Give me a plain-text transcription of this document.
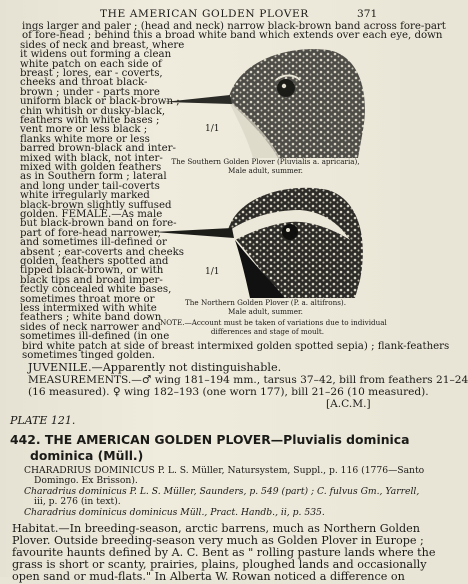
THE AMERICAN GOLDEN PLOVER	371
ings larger and paler ; (head and neck) narrow black-brown band across fore-part
of fore-head ; behind this a broad white band which extends over each eye, down
sides of neck and breast, where
it widens out forming a clean
white patch on each side of
breast ; lores, ear - coverts,
cheeks and throat black-
brown ; under - parts more
uniform black or black-brown ;
chin whitish or dusky-black,
feathers with white bases ;
vent more or less black ;
flanks white more or less
barred brown-black and inter-
mixed with black, not inter-
mixed with golden feathers
as in Southern form ; lateral
and long under tail-coverts
white irregularly marked
black-brown slightly suffused
golden. FEMALE.—As male
but black-brown band on fore-
part of fore-head narrower,
and sometimes ill-defined or
absent ; ear-coverts and cheeks
golden, feathers spotted and
tipped black-brown, or with
black tips and broad imper-
fectly concealed white bases,
sometimes throat more or
less intermixed with white
feathers ; white band down
sides of neck narrower and
sometimes ill-defined (in one
bird white patch at side of breast intermixed golden spotted sepia) ; flank-feathers
sometimes tinged golden.
1/1
The Southern Golden Plover (Pluvialis a. apricaria),
Male adult, summer.
1/1
The Northern Golden Plover (P. a. altifrons).
Male adult, summer.
NOTE.—Account must be taken of variations due to individual
differences and stage of moult.
JUVENILE.—Apparently not distinguishable.
MEASUREMENTS.—♂ wing 181–194 mm., tarsus 37–42, bill from feathers 21–24
(16 measured). ♀ wing 182–193 (one worn 177), bill 21–26 (10 measured).
[A.C.M.]
PLATE 121.
442. THE AMERICAN GOLDEN PLOVER—Pluvialis dominica
dominica (Müll.)
CHARADRIUS DOMINICUS P. L. S. Müller, Natursystem, Suppl., p. 116 (1776—Santo
Domingo. Ex Brisson).
Charadrius dominicus P. L. S. Müller, Saunders, p. 549 (part) ; C. fulvus Gm., Yarrell,
iii, p. 276 (in text).
Charadrius dominicus dominicus Müll., Pract. Handb., ii, p. 535.
Habitat.—In breeding-season, arctic barrens, much as Northern Golden
Plover. Outside breeding-season very much as Golden Plover in Europe ;
favourite haunts defined by A. C. Bent as " rolling pasture lands where the
grass is short or scanty, prairies, plains, ploughed lands and occasionally
open sand or mud-flats." In Alberta W. Rowan noticed a difference on
